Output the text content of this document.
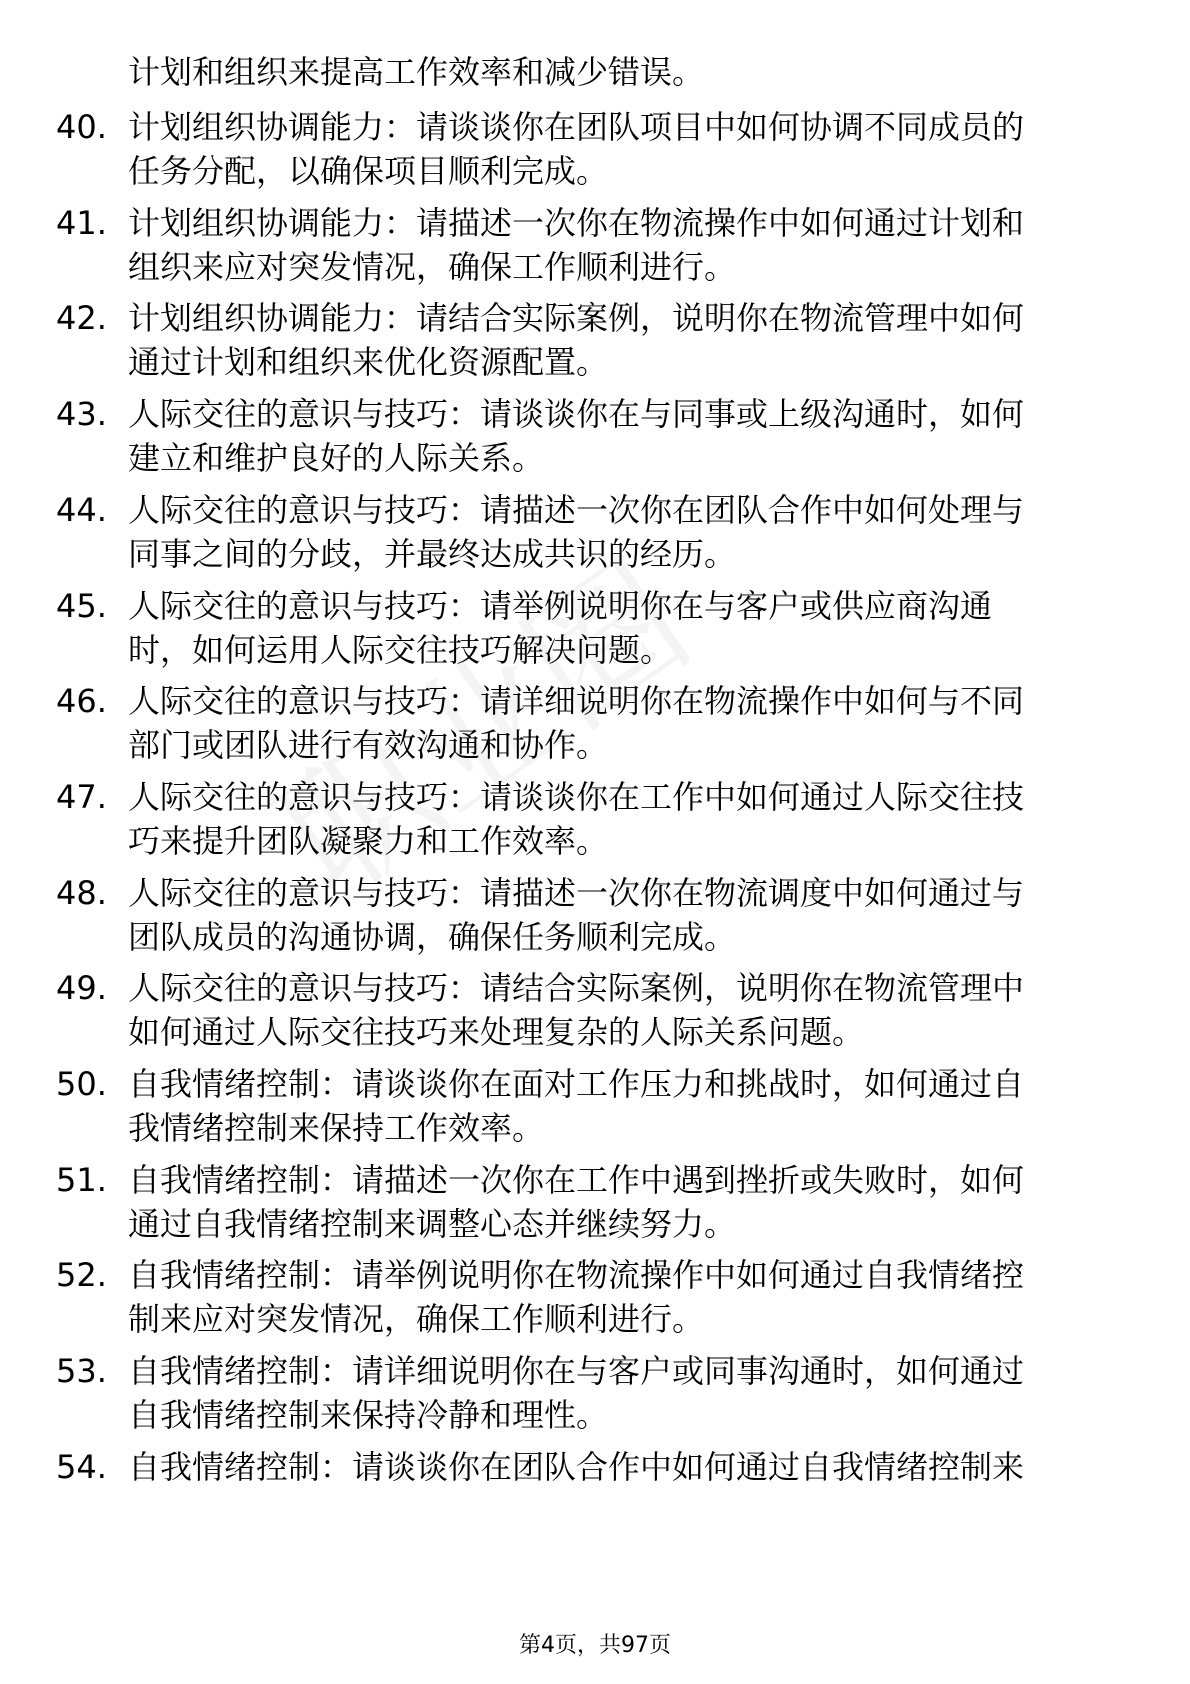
计划和组织来提高工作效率和减少错误。
40. 计划组织协调能力：请谈谈你在团队项目中如何协调不同成员的
任务分配，以确保项目顺利完成。
41. 计划组织协调能力：请描述一次你在物流操作中如何通过计划和
组织来应对突发情况，确保工作顺利进行。
42. 计划组织协调能力：请结合实际案例，说明你在物流管理中如何
通过计划和组织来优化资源配置。
43. 人际交往的意识与技巧：请谈谈你在与同事或上级沟通时，如何
建立和维护良好的人际关系。
44. 人际交往的意识与技巧：请描述一次你在团队合作中如何处理与
同事之间的分歧，并最终达成共识的经历。
45. 人际交往的意识与技巧：请举例说明你在与客户或供应商沟通
时，如何运用人际交往技巧解决问题。
46. 人际交往的意识与技巧：请详细说明你在物流操作中如何与不同
部门或团队进行有效沟通和协作。
47. 人际交往的意识与技巧：请谈谈你在工作中如何通过人际交往技
巧来提升团队凝聚力和工作效率。
48. 人际交往的意识与技巧：请描述一次你在物流调度中如何通过与
团队成员的沟通协调，确保任务顺利完成。
49. 人际交往的意识与技巧：请结合实际案例，说明你在物流管理中
如何通过人际交往技巧来处理复杂的人际关系问题。
50. 自我情绪控制：请谈谈你在面对工作压力和挑战时，如何通过自
我情绪控制来保持工作效率。
51. 自我情绪控制：请描述一次你在工作中遇到挫折或失败时，如何
通过自我情绪控制来调整心态并继续努力。
52. 自我情绪控制：请举例说明你在物流操作中如何通过自我情绪控
制来应对突发情况，确保工作顺利进行。
53. 自我情绪控制：请详细说明你在与客户或同事沟通时，如何通过
自我情绪控制来保持冷静和理性。
54. 自我情绪控制：请谈谈你在团队合作中如何通过自我情绪控制来
第4页，共97页
